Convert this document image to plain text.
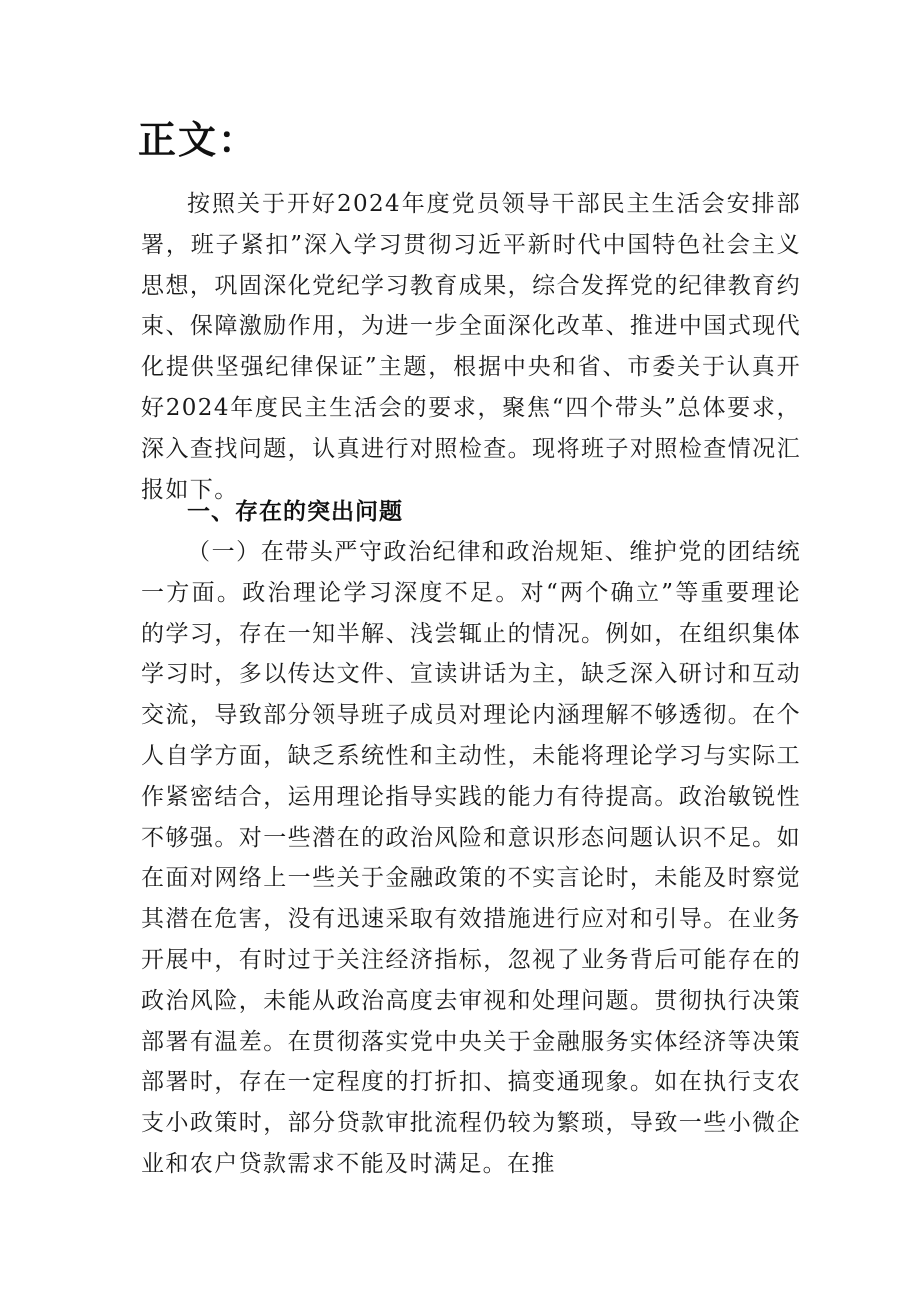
正文：

按照关于开好2024年度党员领导干部民主生活会安排部署，班子紧扣”深入学习贯彻习近平新时代中国特色社会主义思想，巩固深化党纪学习教育成果，综合发挥党的纪律教育约束、保障激励作用，为进一步全面深化改革、推进中国式现代化提供坚强纪律保证”主题，根据中央和省、市委关于认真开好2024年度民主生活会的要求，聚焦“四个带头”总体要求，深入查找问题，认真进行对照检查。现将班子对照检查情况汇报如下。

一、存在的突出问题

（一）在带头严守政治纪律和政治规矩、维护党的团结统一方面。政治理论学习深度不足。对“两个确立”等重要理论的学习，存在一知半解、浅尝辄止的情况。例如，在组织集体学习时，多以传达文件、宣读讲话为主，缺乏深入研讨和互动交流，导致部分领导班子成员对理论内涵理解不够透彻。在个人自学方面，缺乏系统性和主动性，未能将理论学习与实际工作紧密结合，运用理论指导实践的能力有待提高。政治敏锐性不够强。对一些潜在的政治风险和意识形态问题认识不足。如在面对网络上一些关于金融政策的不实言论时，未能及时察觉其潜在危害，没有迅速采取有效措施进行应对和引导。在业务开展中，有时过于关注经济指标，忽视了业务背后可能存在的政治风险，未能从政治高度去审视和处理问题。贯彻执行决策部署有温差。在贯彻落实党中央关于金融服务实体经济等决策部署时，存在一定程度的打折扣、搞变通现象。如在执行支农支小政策时，部分贷款审批流程仍较为繁琐，导致一些小微企业和农户贷款需求不能及时满足。在推
